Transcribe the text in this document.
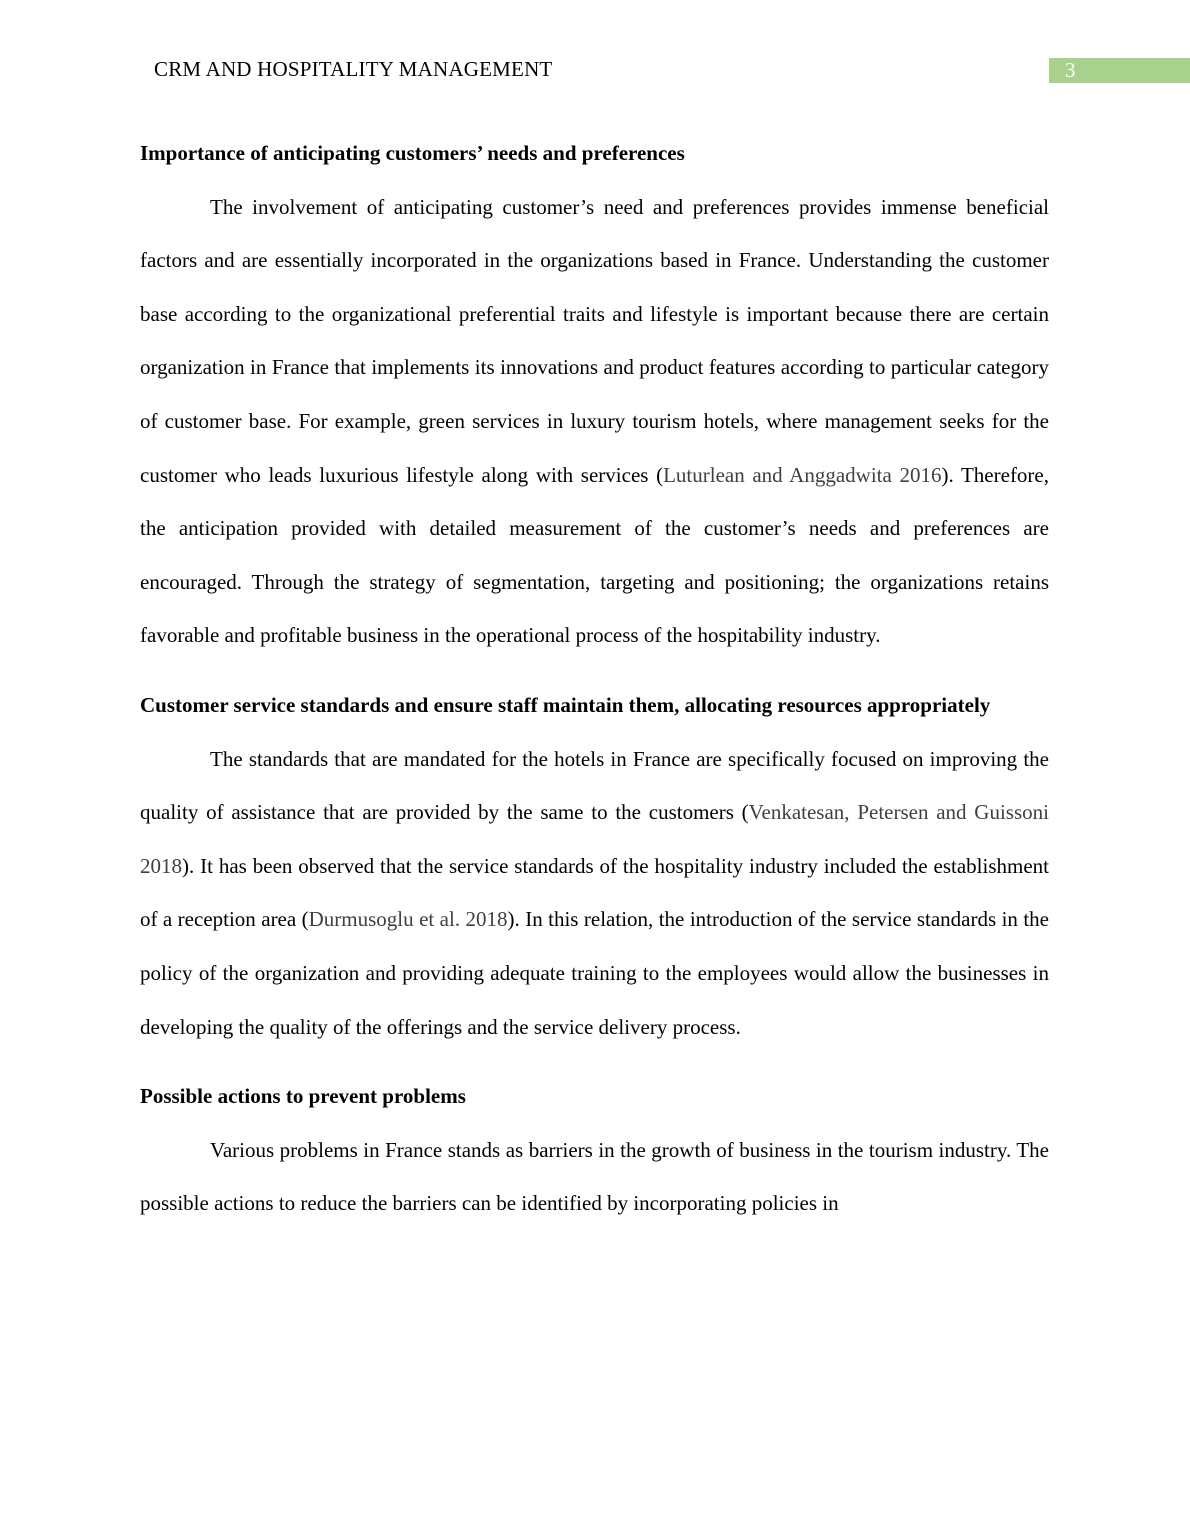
CRM AND HOSPITALITY MANAGEMENT	3
Importance of anticipating customers’ needs and preferences

The involvement of anticipating customer’s need and preferences provides immense beneficial factors and are essentially incorporated in the organizations based in France. Understanding the customer base according to the organizational preferential traits and lifestyle is important because there are certain organization in France that implements its innovations and product features according to particular category of customer base. For example, green services in luxury tourism hotels, where management seeks for the customer who leads luxurious lifestyle along with services (Luturlean and Anggadwita 2016). Therefore, the anticipation provided with detailed measurement of the customer’s needs and preferences are encouraged. Through the strategy of segmentation, targeting and positioning; the organizations retains favorable and profitable business in the operational process of the hospitability industry.

Customer service standards and ensure staff maintain them, allocating resources appropriately

The standards that are mandated for the hotels in France are specifically focused on improving the quality of assistance that are provided by the same to the customers (Venkatesan, Petersen and Guissoni 2018). It has been observed that the service standards of the hospitality industry included the establishment of a reception area (Durmusoglu et al. 2018). In this relation, the introduction of the service standards in the policy of the organization and providing adequate training to the employees would allow the businesses in developing the quality of the offerings and the service delivery process.

Possible actions to prevent problems

Various problems in France stands as barriers in the growth of business in the tourism industry. The possible actions to reduce the barriers can be identified by incorporating policies in
